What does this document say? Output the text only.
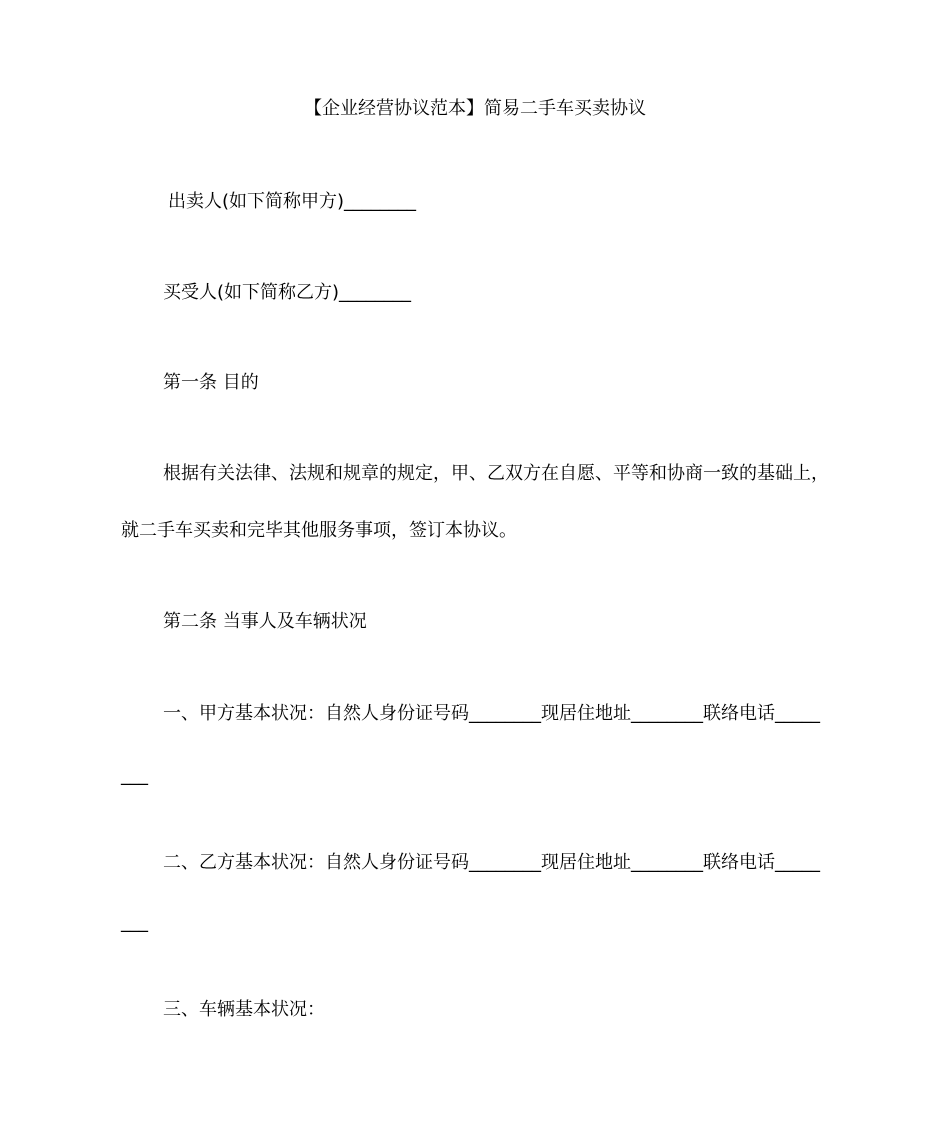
【企业经营协议范本】简易二手车买卖协议
出卖人(如下简称甲方)________
买受人(如下简称乙方)________
第一条 目的
根据有关法律、法规和规章的规定，甲、乙双方在自愿、平等和协商一致的基础上，
就二手车买卖和完毕其他服务事项，签订本协议。
第二条 当事人及车辆状况
一、甲方基本状况：自然人身份证号码________现居住地址________联络电话_____
___
二、乙方基本状况：自然人身份证号码________现居住地址________联络电话_____
___
三、车辆基本状况：
